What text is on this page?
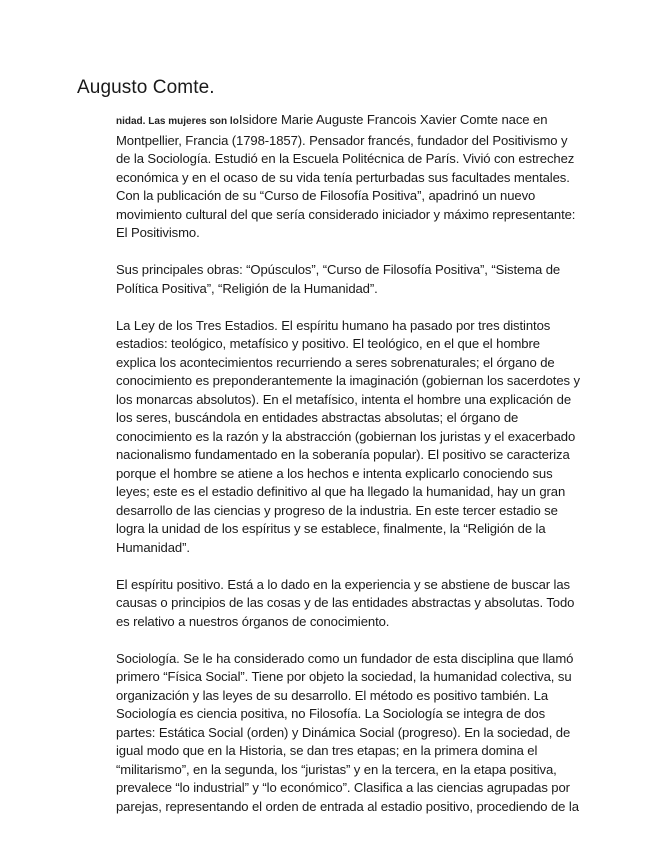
Augusto Comte.

nidad. Las mujeres son loIsidore Marie Auguste Francois Xavier Comte nace en Montpellier, Francia (1798-1857). Pensador francés, fundador del Positivismo y de la Sociología. Estudió en la Escuela Politécnica de París. Vivió con estrechez económica y en el ocaso de su vida tenía perturbadas sus facultades mentales. Con la publicación de su “Curso de Filosofía Positiva”, apadrinó un nuevo movimiento cultural del que sería considerado iniciador y máximo representante: El Positivismo.

Sus principales obras: “Opúsculos”, “Curso de Filosofía Positiva”, “Sistema de Política Positiva”, “Religión de la Humanidad”.

La Ley de los Tres Estadios. El espíritu humano ha pasado por tres distintos estadios: teológico, metafísico y positivo. El teológico, en el que el hombre explica los acontecimientos recurriendo a seres sobrenaturales; el órgano de conocimiento es preponderantemente la imaginación (gobiernan los sacerdotes y los monarcas absolutos). En el metafísico, intenta el hombre una explicación de los seres, buscándola en entidades abstractas absolutas; el órgano de conocimiento es la razón y la abstracción (gobiernan los juristas y el exacerbado nacionalismo fundamentado en la soberanía popular). El positivo se caracteriza porque el hombre se atiene a los hechos e intenta explicarlo conociendo sus leyes; este es el estadio definitivo al que ha llegado la humanidad, hay un gran desarrollo de las ciencias y progreso de la industria. En este tercer estadio se logra la unidad de los espíritus y se establece, finalmente, la “Religión de la Humanidad”.

El espíritu positivo. Está a lo dado en la experiencia y se abstiene de buscar las causas o principios de las cosas y de las entidades abstractas y absolutas. Todo es relativo a nuestros órganos de conocimiento.

Sociología. Se le ha considerado como un fundador de esta disciplina que llamó primero “Física Social”. Tiene por objeto la sociedad, la humanidad colectiva, su organización y las leyes de su desarrollo. El método es positivo también. La Sociología es ciencia positiva, no Filosofía. La Sociología se integra de dos partes: Estática Social (orden) y Dinámica Social (progreso). En la sociedad, de igual modo que en la Historia, se dan tres etapas; en la primera domina el “militarismo”, en la segunda, los “juristas” y en la tercera, en la etapa positiva, prevalece “lo industrial” y “lo económico”. Clasifica a las ciencias agrupadas por parejas, representando el orden de entrada al estadio positivo, procediendo de la
